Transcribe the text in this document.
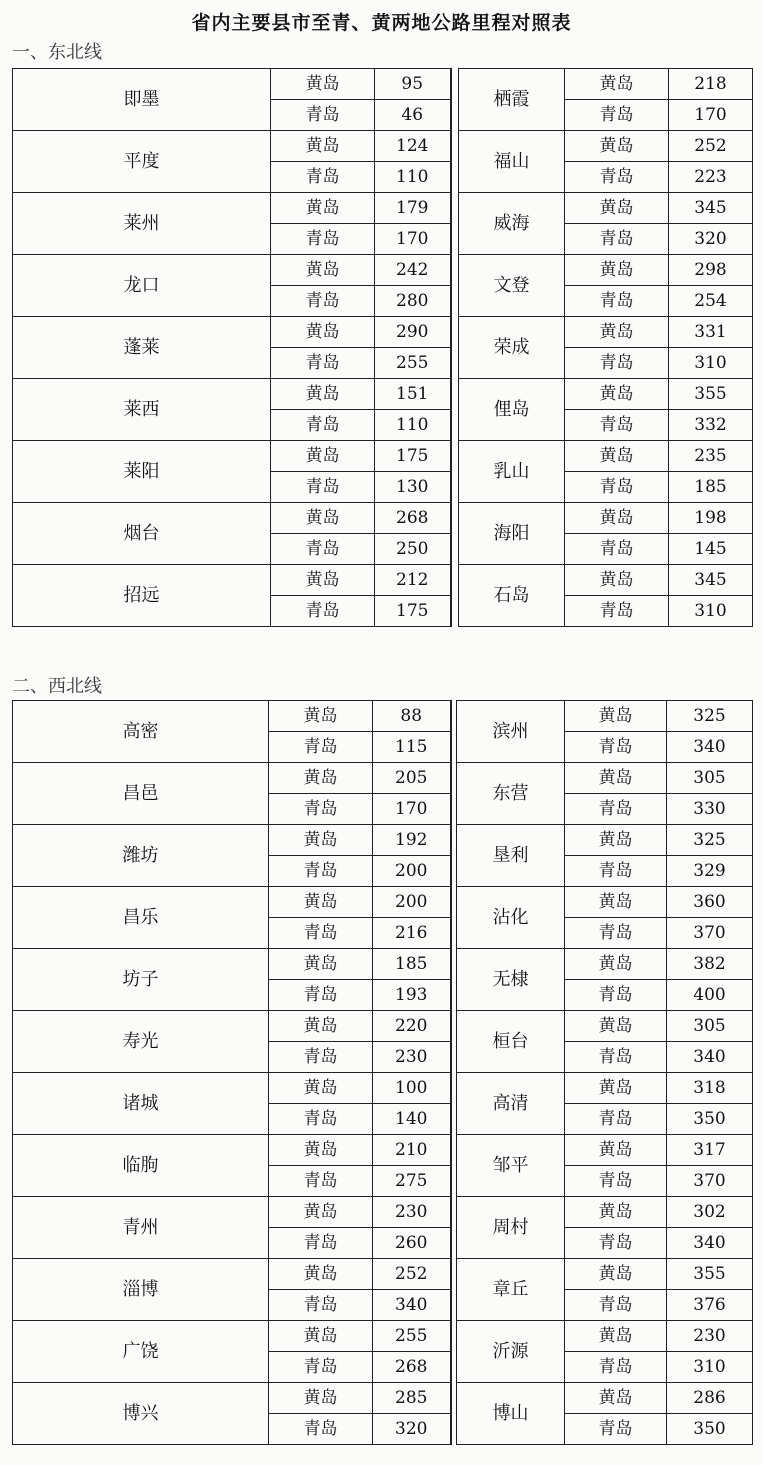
省内主要县市至青、黄两地公路里程对照表
一、东北线
即墨	黄岛	95		栖霞	黄岛	218
	青岛	46			青岛	170
平度	黄岛	124		福山	黄岛	252
	青岛	110			青岛	223
莱州	黄岛	179		威海	黄岛	345
	青岛	170			青岛	320
龙口	黄岛	242		文登	黄岛	298
	青岛	280			青岛	254
蓬莱	黄岛	290		荣成	黄岛	331
	青岛	255			青岛	310
莱西	黄岛	151		俚岛	黄岛	355
	青岛	110			青岛	332
莱阳	黄岛	175		乳山	黄岛	235
	青岛	130			青岛	185
烟台	黄岛	268		海阳	黄岛	198
	青岛	250			青岛	145
招远	黄岛	212		石岛	黄岛	345
	青岛	175			青岛	310
二、西北线
高密	黄岛	88		滨州	黄岛	325
	青岛	115			青岛	340
昌邑	黄岛	205		东营	黄岛	305
	青岛	170			青岛	330
潍坊	黄岛	192		垦利	黄岛	325
	青岛	200			青岛	329
昌乐	黄岛	200		沾化	黄岛	360
	青岛	216			青岛	370
坊子	黄岛	185		无棣	黄岛	382
	青岛	193			青岛	400
寿光	黄岛	220		桓台	黄岛	305
	青岛	230			青岛	340
诸城	黄岛	100		高清	黄岛	318
	青岛	140			青岛	350
临朐	黄岛	210		邹平	黄岛	317
	青岛	275			青岛	370
青州	黄岛	230		周村	黄岛	302
	青岛	260			青岛	340
淄博	黄岛	252		章丘	黄岛	355
	青岛	340			青岛	376
广饶	黄岛	255		沂源	黄岛	230
	青岛	268			青岛	310
博兴	黄岛	285		博山	黄岛	286
	青岛	320			青岛	350
